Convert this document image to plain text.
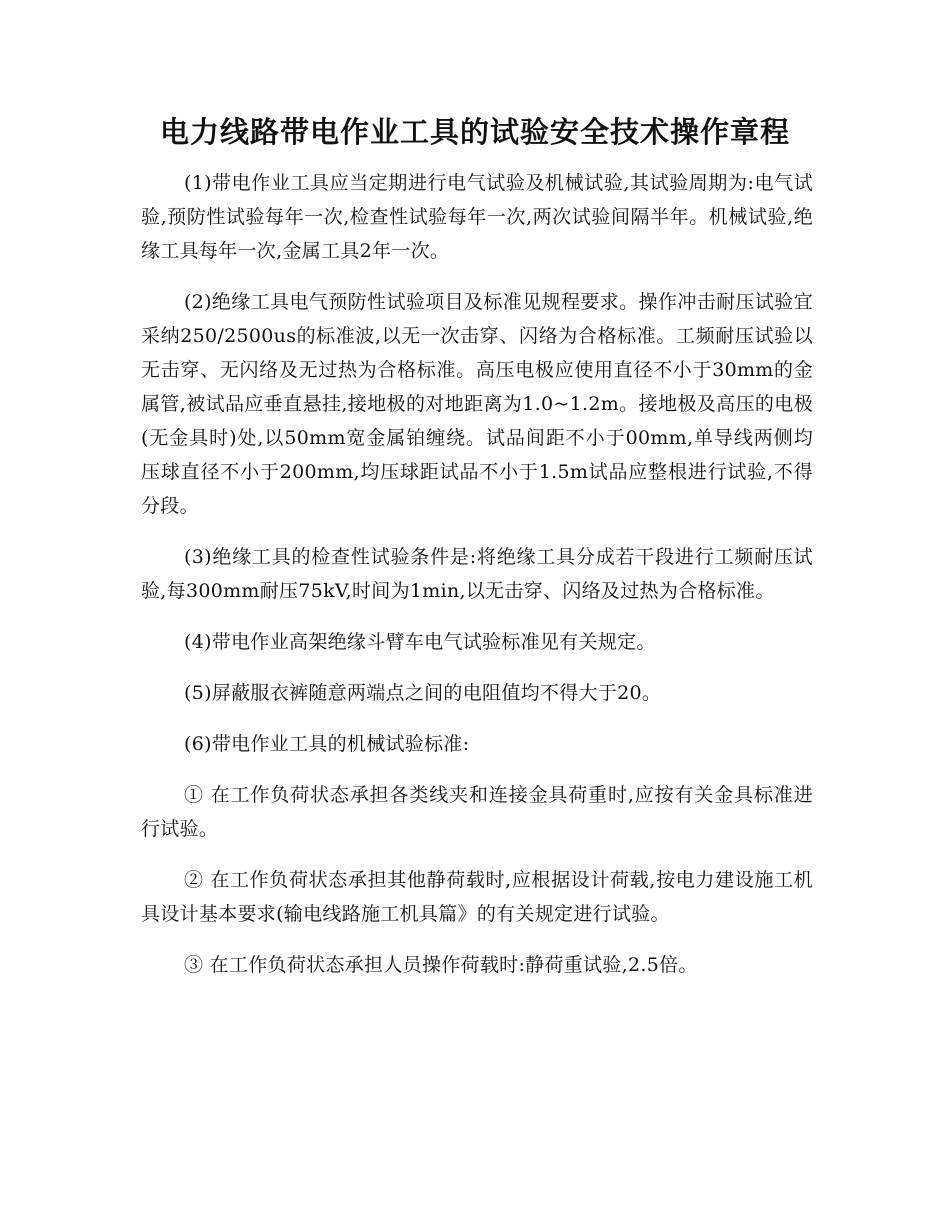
电力线路带电作业工具的试验安全技术操作章程

(1)带电作业工具应当定期进行电气试验及机械试验,其试验周期为:电气试验,预防性试验每年一次,检查性试验每年一次,两次试验间隔半年。机械试验,绝缘工具每年一次,金属工具2年一次。

(2)绝缘工具电气预防性试验项目及标准见规程要求。操作冲击耐压试验宜采纳250/2500us的标准波,以无一次击穿、闪络为合格标准。工频耐压试验以无击穿、无闪络及无过热为合格标准。高压电极应使用直径不小于30mm的金属管,被试品应垂直悬挂,接地极的对地距离为1.0~1.2m。接地极及高压的电极(无金具时)处,以50mm宽金属铂缠绕。试品间距不小于00mm,单导线两侧均压球直径不小于200mm,均压球距试品不小于1.5m试品应整根进行试验,不得分段。

(3)绝缘工具的检查性试验条件是:将绝缘工具分成若干段进行工频耐压试验,每300mm耐压75kV,时间为1min,以无击穿、闪络及过热为合格标准。

(4)带电作业高架绝缘斗臂车电气试验标准见有关规定。

(5)屏蔽服衣裤随意两端点之间的电阻值均不得大于20。

(6)带电作业工具的机械试验标准:

① 在工作负荷状态承担各类线夹和连接金具荷重时,应按有关金具标准进行试验。

② 在工作负荷状态承担其他静荷载时,应根据设计荷载,按电力建设施工机具设计基本要求(输电线路施工机具篇》的有关规定进行试验。

③ 在工作负荷状态承担人员操作荷载时:静荷重试验,2.5倍。
